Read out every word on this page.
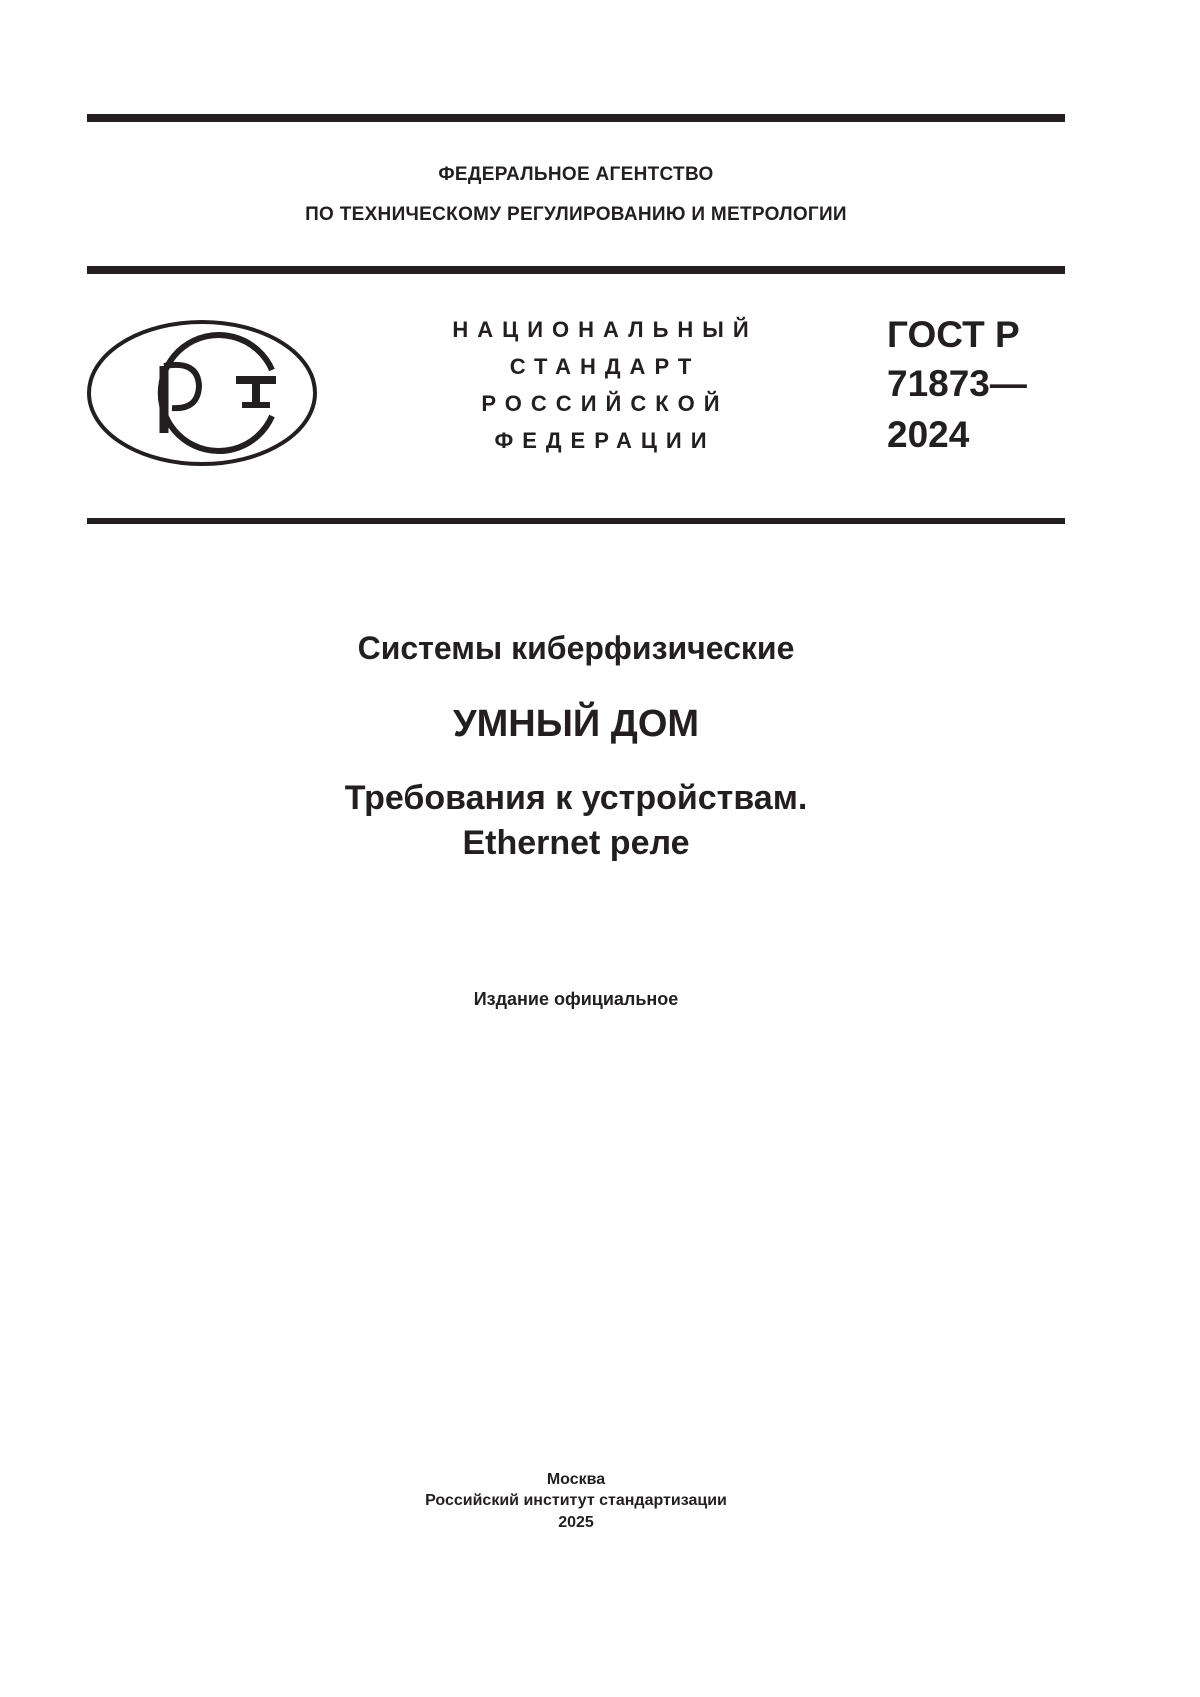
ФЕДЕРАЛЬНОЕ АГЕНТСТВО
ПО ТЕХНИЧЕСКОМУ РЕГУЛИРОВАНИЮ И МЕТРОЛОГИИ
НАЦИОНАЛЬНЫЙ
СТАНДАРТ
РОССИЙСКОЙ
ФЕДЕРАЦИИ
ГОСТ Р
71873—
2024
Системы киберфизические
УМНЫЙ ДОМ
Требования к устройствам.
Ethernet реле
Издание официальное
Москва
Российский институт стандартизации
2025
